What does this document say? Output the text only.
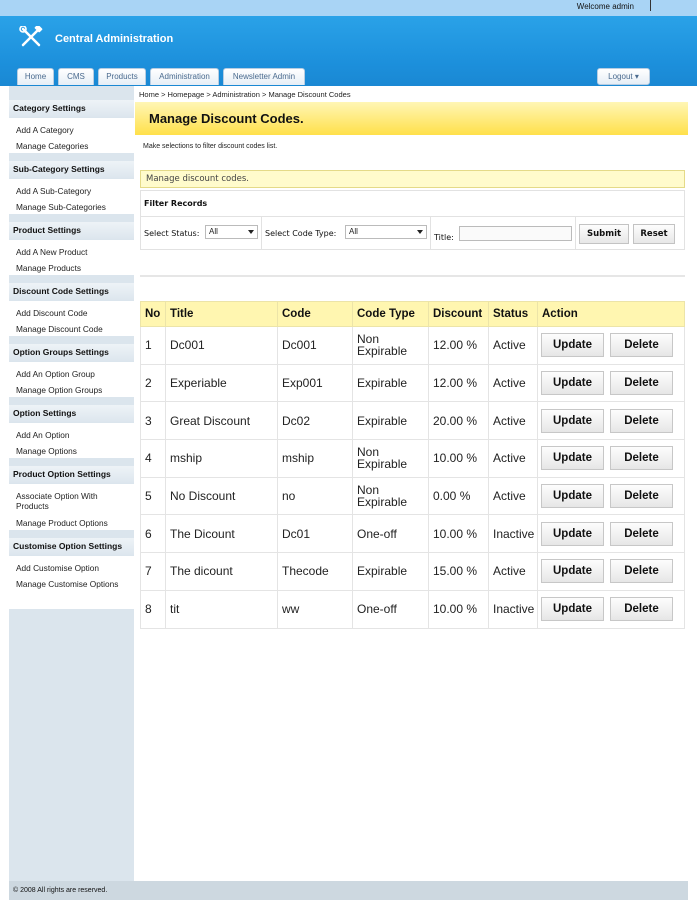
Welcome admin
Central Administration
Home	CMS	Products	Administration	Newsletter Admin	Logout ▾
Category Settings
Add A Category
Manage Categories
Sub-Category Settings
Add A Sub-Category
Manage Sub-Categories
Product Settings
Add A New Product
Manage Products
Discount Code Settings
Add Discount Code
Manage Discount Code
Option Groups Settings
Add An Option Group
Manage Option Groups
Option Settings
Add An Option
Manage Options
Product Option Settings
Associate Option With Products
Manage Product Options
Customise Option Settings
Add Customise Option
Manage Customise Options
Home > Homepage > Administration > Manage Discount Codes
Manage Discount Codes.
Make selections to filter discount codes list.
Manage discount codes.
Filter Records
Select Status:	All	Select Code Type:	All
Title:	Submit	Reset
No	Title	Code	Code Type	Discount	Status	Action
1	Dc001	Dc001	Non Expirable	12.00 %	Active	Update Delete

2	Experiable	Exp001	Expirable	12.00 %	Active	Update Delete

3	Great Discount	Dc02	Expirable	20.00 %	Active	Update Delete

4	mship	mship	Non Expirable	10.00 %	Active	Update Delete

5	No Discount	no	Non Expirable	0.00 %	Active	Update Delete

6	The Dicount	Dc01	One-off	10.00 %	Inactive	Update Delete

7	The dicount	Thecode	Expirable	15.00 %	Active	Update Delete

8	tit	ww	One-off	10.00 %	Inactive	Update Delete
© 2008 All rights are reserved.
